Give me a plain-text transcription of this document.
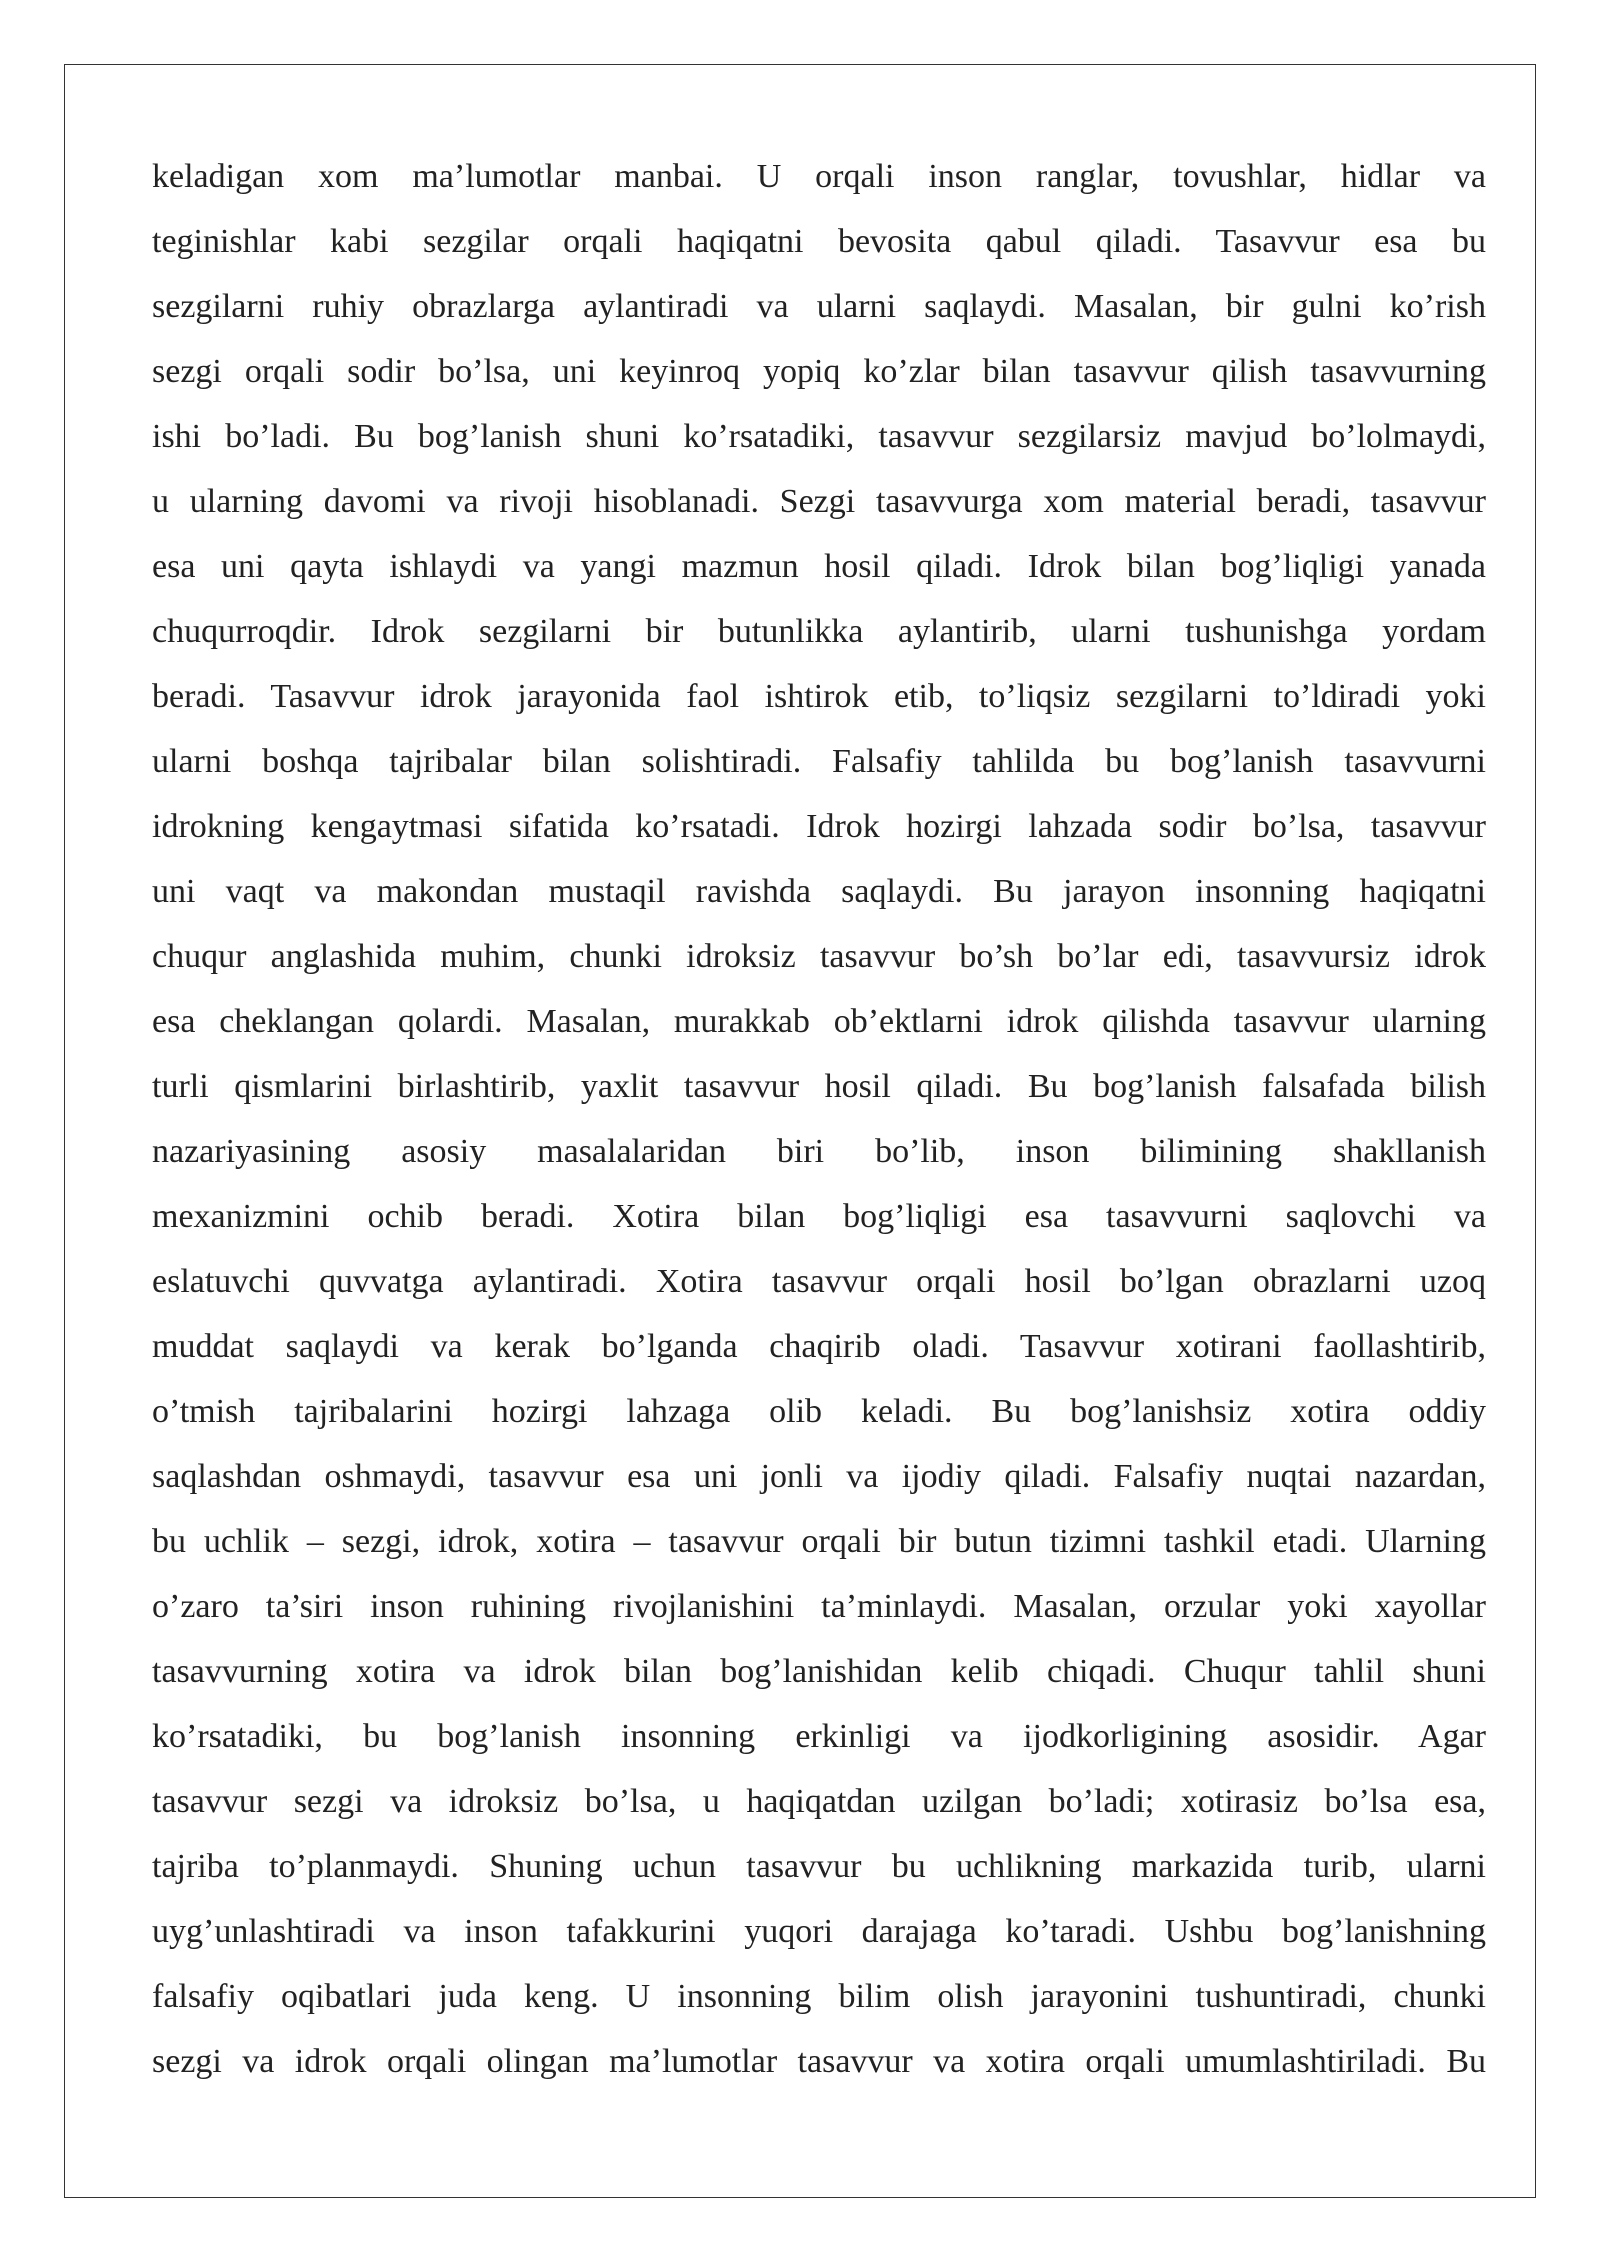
keladigan xom ma’lumotlar manbai. U orqali inson ranglar, tovushlar, hidlar va
teginishlar kabi sezgilar orqali haqiqatni bevosita qabul qiladi. Tasavvur esa bu
sezgilarni ruhiy obrazlarga aylantiradi va ularni saqlaydi. Masalan, bir gulni ko’rish
sezgi orqali sodir bo’lsa, uni keyinroq yopiq ko’zlar bilan tasavvur qilish tasavvurning
ishi bo’ladi. Bu bog’lanish shuni ko’rsatadiki, tasavvur sezgilarsiz mavjud bo’lolmaydi,
u ularning davomi va rivoji hisoblanadi. Sezgi tasavvurga xom material beradi, tasavvur
esa uni qayta ishlaydi va yangi mazmun hosil qiladi. Idrok bilan bog’liqligi yanada
chuqurroqdir. Idrok sezgilarni bir butunlikka aylantirib, ularni tushunishga yordam
beradi. Tasavvur idrok jarayonida faol ishtirok etib, to’liqsiz sezgilarni to’ldiradi yoki
ularni boshqa tajribalar bilan solishtiradi. Falsafiy tahlilda bu bog’lanish tasavvurni
idrokning kengaytmasi sifatida ko’rsatadi. Idrok hozirgi lahzada sodir bo’lsa, tasavvur
uni vaqt va makondan mustaqil ravishda saqlaydi. Bu jarayon insonning haqiqatni
chuqur anglashida muhim, chunki idroksiz tasavvur bo’sh bo’lar edi, tasavvursiz idrok
esa cheklangan qolardi. Masalan, murakkab ob’ektlarni idrok qilishda tasavvur ularning
turli qismlarini birlashtirib, yaxlit tasavvur hosil qiladi. Bu bog’lanish falsafada bilish
nazariyasining asosiy masalalaridan biri bo’lib, inson bilimining shakllanish
mexanizmini ochib beradi. Xotira bilan bog’liqligi esa tasavvurni saqlovchi va
eslatuvchi quvvatga aylantiradi. Xotira tasavvur orqali hosil bo’lgan obrazlarni uzoq
muddat saqlaydi va kerak bo’lganda chaqirib oladi. Tasavvur xotirani faollashtirib,
o’tmish tajribalarini hozirgi lahzaga olib keladi. Bu bog’lanishsiz xotira oddiy
saqlashdan oshmaydi, tasavvur esa uni jonli va ijodiy qiladi. Falsafiy nuqtai nazardan,
bu uchlik – sezgi, idrok, xotira – tasavvur orqali bir butun tizimni tashkil etadi. Ularning
o’zaro ta’siri inson ruhining rivojlanishini ta’minlaydi. Masalan, orzular yoki xayollar
tasavvurning xotira va idrok bilan bog’lanishidan kelib chiqadi. Chuqur tahlil shuni
ko’rsatadiki, bu bog’lanish insonning erkinligi va ijodkorligining asosidir. Agar
tasavvur sezgi va idroksiz bo’lsa, u haqiqatdan uzilgan bo’ladi; xotirasiz bo’lsa esa,
tajriba to’planmaydi. Shuning uchun tasavvur bu uchlikning markazida turib, ularni
uyg’unlashtiradi va inson tafakkurini yuqori darajaga ko’taradi. Ushbu bog’lanishning
falsafiy oqibatlari juda keng. U insonning bilim olish jarayonini tushuntiradi, chunki
sezgi va idrok orqali olingan ma’lumotlar tasavvur va xotira orqali umumlashtiriladi. Bu
